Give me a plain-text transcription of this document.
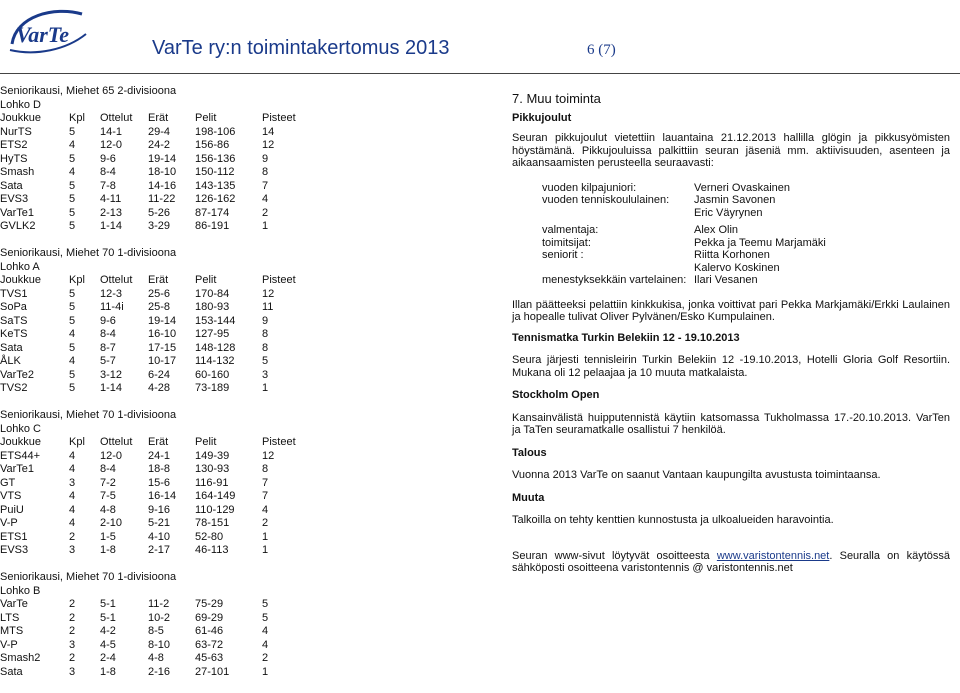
VarTe
VarTe ry:n toimintakertomus 2013	6 (7)
Seniorikausi, Miehet 65 2-divisioona
Lohko D
Joukkue	Kpl Ottelut Erät Pelit	Pisteet
NurTS	5 14-1 29-4 198-106 14
ETS2	4 12-0 24-2 156-86	12
HyTS	5 9-6	19-14 156-136 9
Smash	4 8-4	18-10 150-112 8
Sata	5 7-8	14-16 143-135 7
EVS3	5 4-11 11-22 126-162 4
VarTe1	5 2-13 5-26 87-174	2
GVLK2	5 1-14 3-29 86-191	1
Seniorikausi, Miehet 70 1-divisioona
Lohko A
Joukkue	Kpl Ottelut Erät Pelit	Pisteet
TVS1	5 12-3 25-6 170-84	12
SoPa	5 11-4i 25-8 180-93	11
SaTS	5 9-6	19-14 153-144 9
KeTS	4 8-4	16-10 127-95	8
Sata	5 8-7	17-15 148-128 8
ÅLK	4 5-7	10-17 114-132 5
VarTe2	5 3-12 6-24 60-160	3
TVS2	5 1-14 4-28 73-189	1
Seniorikausi, Miehet 70 1-divisioona
Lohko C
Joukkue	Kpl Ottelut Erät Pelit	Pisteet
ETS44+	4 12-0 24-1 149-39	12
VarTe1	4 8-4	18-8 130-93	8
GT	3 7-2	15-6 116-91	7
VTS	4 7-5	16-14 164-149 7
PuiU	4 4-8	9-16 110-129 4
V-P	4 2-10 5-21 78-151	2
ETS1	2 1-5	4-10 52-80	1
EVS3	3 1-8	2-17 46-113	1
Seniorikausi, Miehet 70 1-divisioona
Lohko B
VarTe	2 5-1	11-2 75-29	5
LTS	2 5-1	10-2 69-29	5
MTS	2 4-2	8-5	61-46	4
V-P	3 4-5	8-10 63-72	4
Smash2	2 2-4	4-8	45-63	2
Sata	3 1-8	2-16 27-101	1
7. Muu toiminta

Pikkujoulut

Seuran pikkujoulut vietettiin lauantaina 21.12.2013 hallilla glögin ja pikkusyömisten höystämänä. Pikkujouluissa palkittiin seuran jäseniä mm. aktiivisuuden, asenteen ja aikaansaamisten perusteella seuraavasti:

vuoden kilpajuniori:	Verneri Ovaskainen
vuoden tenniskoululainen: Jasmin Savonen
Eric Väyrynen
valmentaja:	Alex Olin
toimitsijat:	Pekka ja Teemu Marjamäki
seniorit :	Riitta Korhonen
Kalervo Koskinen
menestyksekkäin vartelainen: Ilari Vesanen

Illan päätteeksi pelattiin kinkkukisa, jonka voittivat pari Pekka Markjamäki/Erkki Laulainen ja hopealle tulivat Oliver Pylvänen/Esko Kumpulainen.

Tennismatka Turkin Belekiin 12 - 19.10.2013

Seura järjesti tennisleirin Turkin Belekiin 12 -19.10.2013, Hotelli Gloria Golf Resortiin. Mukana oli 12 pelaajaa ja 10 muuta matkalaista.

Stockholm Open

Kansainvälistä huipputennistä käytiin katsomassa Tukholmassa 17.-20.10.2013. VarTen ja TaTen seuramatkalle osallistui 7 henkilöä.

Talous

Vuonna 2013 VarTe on saanut Vantaan kaupungilta avustusta toimintaansa.

Muuta

Talkoilla on tehty kenttien kunnostusta ja ulkoalueiden haravointia.

Seuran www-sivut löytyvät osoitteesta www.varistontennis.net. Seuralla on käytössä sähköposti osoitteena varistontennis @ varistontennis.net
